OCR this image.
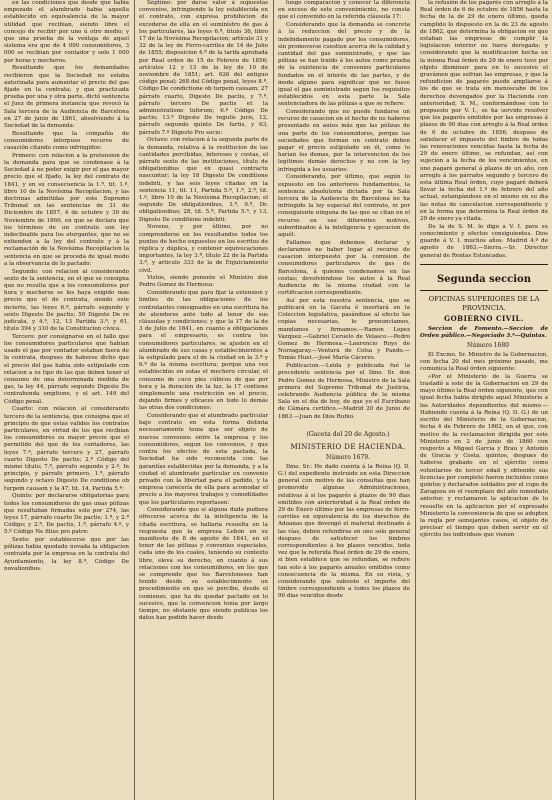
en las condiciones que desde que habia empezado el alumbrado habia aquella establecido en equivalencia de la mayor utilidad que recibian, siendo libre el concejo de recibir por uno ú otro medio; y que una prueba de la ventaja de aquel sistema era que de 4 000 consumidores, 3 000 se recibian por contador y solo 1 000 por horas y mecheros.

Resultando que los demandados recibieron que la Sociedad no estaba autorizada para aumentar el precio del gas fijado en la contrata; y que practicada prueba por una y otra parte, dictó sentencia el Juez de primera instancia que revocó la Sala tercera de la Audiencia de Barcelona en 27 de junio de 1861, absolviendo á la Sociedad de la demanda:

Resultando que la compañía de consumidores interpuso recurso de casación citando como infringidos:

Primero: con relacion a la pretension de la demanda para que se condenase á la Sociedad á no poder exigir por el gas mayor precio que el fijado, la ley del contrato de 1841, y en su consecuencia la 1.ª, tit. 1.º, libro 10 de la Novísima Recopilacion, y las doctrinas admitidas por este Supremo Tribunal en las sentencias de 31 de Diciembre de 1857, 4 de octubre y 30 de Noviembre de 1860, en que se declara que los términos de un contrato son ley indeclinable para los otorgantes, que no se extienden a la ley del contrato y á la reclamación de la Novísima Recopilacion la sentencia en que se proceda de igual modo a la observancia de lo pactado:

Segundo: con relacion al considerando sexto de la sentencia, en el que se consigna que no resulta que a los consumidores por hora y mecheros se les haya exigido mas precio que el de contrata, siendo este incierto, las leyes 6.ª, párrafo segundo y sexto Digesto De pactis; 50 Digesto De re judicata, y 4.ª, 12, 13 Partida 3.ª, y 61, título 394 y 310 de la Constitucion cívica.

Tercero: por consignarse en el fallo que los consumidores particulares que habian usado el gas por contador estaban fuera de la contrata, despues de haberse dicho que el precio del gas habia sido estipulado con relacion a su tipo de las que deben tener el consumo de una determinada medida de gas, la ley 44, párrafo segundo Digesto De contrahenda emptione, y el art. 149 del Código penal.

Cuarto: con relacion al considerando tercero de la sentencia, que consigna que el principio de que estas valides los contratos particulares, en virtud de los que recibian los consumidores su mayor precio que el permitido del que de los contadores, las leyes 7.ª, párrafo tercero y 27, párrafo cuarto Digesto De pactis; 2.ª Código del mismo título; 7.ª, párrafo segundo y 2.º, In principio, y párrafo primero, 1.ª, párrafo segundo y octavo Digesto De conditione ob turpem causam y la 47, tit. 14, Partida 5.ª:

Quinto: por declararse obligatorias para todos los consumidores de gas unas pólizas que resultaban firmadas solo por 274, las leyes 17, párrafo cuarto De pactis; 1.ª, y 2.ª Código; y 2.ª, De pactis, 1.ª, párrafo 4.º, y 5.º Código Ne filius pro patre:

Sexto: por establecerse que por las pólizas habia quedado novada la obligacion contraida por la empresa en la contrata del Ayuntamiento, la ley 8.ª, Código De novationibus.

Séptimo: por darse valor á supuestas convenios, infringiendo la ley establecida en el contrato, con expresa prohibicion de excederse de ella en el suministro de gas á los particulares, las leyes 6.ª, título 36, libro 17 de la Novísima Recopilacion; artículo 31 y 32 de la ley de Ferro-carriles de 14 de Julio de 1855; disposicion 4.ª de la tarifa aprobada por Real orden de 15 de Febrero de 1856; artículos 12 y 13 de la ley de 10 de noviembre de 1851; art. 626 del antiguo código penal; 268 del Código penal, leyes 8.ª, Código De condictione ob turpem causam; 27 párrafo cuarto, Digesto De pactis, y 7.ª, párrafo tercero De pactis et la administratione tuforum; 6.º Código De pactis; 13.ª Digesto De regulis juris, 12, párrafo segundo quinto De furtis, y 63, párrafo 7.º Digesto Pro socio:

Octavo: con relacion á la segunda parte de la demanda, relativa á la restitucion de las cantidades percibidas, intereses y costas, el párrafo sexto de las instituciones, título de obligationibus que ex quasi contractu nascuntur; la ley 18 Digesto De conditione indebiti, y las seis leyes citadas en la sentencia 11, tit. 11, Partida 5.ª, 1.ª, 2.ª, tit. 1.º, libro 10 de la Novísima Recopilacion; el segundo De obligationibus, 3.ª, 9.ª, Dr. obligationibus; 28, tit. 5.ª, Partida 5.ª, y 13, Digesto De conditione indebiti:

Noveno, y por último, por no comprenderse en los resultandos todos los puntos de hecho expuestos en los escritos de réplica y dúplica, y contener equivocaciones importantes, la ley 3.ª, título 22 de la Partida 3.ª, y articulo 333 de la de Enjuiciamiento civil.

Vistos, siendo ponente el Ministro don Pedro Gomez de Hermosa:

Considerando que para fijar la extension y limites de las obligaciones de los contratantes consignados en una escritura ha de atenderse ante todo al tenor de sus cláusulas y condiciones; y que la 17 de la de 3 de Julio de 1841, en cuanto a obligaciones para el empresario, es contra los consumidores particulares, se ajusten en el alumbrado de sus casas y establecimientos a la estipulado para el de la ciudad en la 3.ª y 6.ª de la misma escritura; porque una vez establecidos en estas el mechero circular, el consumo de cuco pies cúbicos de gas por hora y la duración de la luz, la 17 contiene simplemente una restricción en el precio, dejando firmes y eficaces en todo lo demás las otras dos condiciones:

Considerando que el alumbrado particular bajo contrato en esta forma distinta necesariamente tenia que ser objeto de nuevos convenios entre la empresa y los consumidores, segun los convenios, y que contra los efectos de esta pactada, la Sociedad ha sido reconocida con las garantías establecidas por la demanda, y a la ciudad el alumbrado particular en convenio privado con la libertad para el pedido, y la empresa carecería de ella para acomodar el precio a los mayores trabajos y comodidades que los particulares reportasen:

Considerando que si alguna duda pudiera ofrecerse acerca de la inteligencia de la citada escritura, se hallaria resuelta en la respuesta que la empresa Lebon en su manifiesto de 8 de agosto de 1841, en el tenor de las pólizas y convenios especiales, cada uno de los cuales, teniendo su contexto libre, eleva su derecho, en cuanto á sus relaciones con los consumidores, en los que se comprende que los Barceloneses han tenido desde su establecimiento un procedimiento en que se percibe, desde el comienzo, que ha de quedar pactado en lo sucesivo, que la convencion tenia por largo tiempo, no obstante que siendo publicas los datos han podido hacer desde

luego comparacion y conocer la diferencia en exceso de este convenimiento, no consta que el convenido en la referida cláusula 17:

Considerando que la demanda se concreta á la reduccion del precio y de la indebidamente pagado por los consumidores, sin promoverse cuestion acerca de la calidad y cantidad del gas suministrado, y que las pólizas se han traido á los autos como prueba de la existencia de convenios particulares fundados en el interés de las partes, y de modo alguno para significar que no fuese igual el gas suministrado segun los requisitos establecidos en esta parte la Sala sentenciadora de las pólizas a que se refiere:

Considerando que no puede fundarse un recurso de casacion en el hecho de no haberse presentado en autos más que las pólizas de una parte de los consumidores, porque las sociedades que forman un contrato deben pagar el precio estipulado en él, como lo harían los demas, por la intervencion de los legítimos demás derechos y no con la ley infringida a los usuarios:

Considerando, por último, que según lo expuesto en los anteriores fundamentos, la sentencia absolutoria dictada por la Sala tercera de la Audiencia de Barcelona no ha infringido la ley especial del contrato, ni por consiguiente ninguna de las que se citan en el recurso en sus diferentes motivos, subordinados á la inteligencia y ejecucion de aquél:

Fallamos que debemos declarar y declaramos no haber lugar al recurso de casacion interpuesto por la comision de consumidores particulares de gas de Barcelona, á quienes condenamos en las costas; devolviéndose los autos á la Real Audiencia de la misma ciudad con la certificacion correspondiente.

Así por esta nuestra sentencia, que se publicará en la Gaceta é insertará en la Coleccion legislativa, pasándose al efecto las copias necesarias, lo pronunciamos, mandamos y firmamos.—Ramon Lopez Vazquez.—Gabriel Ceruelo de Velasco.—Pedro Gomez de Hermosa.—Laurencio Roys de Norzagaray.—Ventura de Colsa y Pando.—Tomás Huet.—José María Cáceres.

Publicacion.—Leida y publicada fué la precedente sentencia por el Ilmo. Sr. don Pedro Gomez de Hermosa, Ministro de la Sala primera del Supremo Tribunal de Justicia, celebrando Audiencia pública de la misma Sala en el día de hoy, de que yo el Escribano de Cámara certifico.—Madrid 20 de Junio de 1863.—Juan de Dios Rubio.

(Gaceta del 20 de Agosto.)

MINISTERIO DE HACIENDA.

Número 1679.

Ilmo. Sr.: He dado cuenta á la Reina (Q. D. G.) del expediente instruido en esta Direccion general con motivo de las consultas que han promovido algunas Administraciones, relativas á si los pagarés á plazos de 90 dias emitidos con anterioridad á la Real órden de 29 de Enero último por las empresas de ferro-carriles en equivalencia de los derechos de Aduanas que devengó el material destinado á las vías, deben refundirse en uno solo general despues de satisfecer los timbres correspondientes á los plazos vencidos, toda vez que la referida Real órden de 29 de enero, si bien establece que se refundan, se refiere tan solo á los pagarés anuales emitidos como consecuencia de la misma. En su vista, y considerando que subsiste el importe del timbre correspondiente a todos los plazos de 90 dias vencidos desde

la refusión de los pagarés con arreglo á la Real órden de 6 de octubre de 1856 hasta la fecha de la de 29 de enero último, queda cumplido lo dispuesto en la de 23 de agosto de 1862, que determina la obligacion en que estaban las empresas de cumplir la legislacion interior no fuera derogada; y considerando que la modificacion hecha en la misma Real órden de 29 de enero tuvo por objeto disminuir para en lo sucesivo el gravámen que sufrian las empresas, y que la refundicion de pagarés puede ampliarse á los de que se trata sin menoscabo de los derechos devengados por la Hacienda con anterioridad, S. M., conformándose con lo propuesto por V. I., se ha servido resolver que los pagarés emitidos por las empresas á plazos de 90 dias con arreglo á la Real órden de 6 de octubre de 1856, despues de satisfacer el impuesto del timbre de todas las renovaciones vencidas hasta la fecha de 29 de enero último, se refundan, así con sujecion a la fecha de los vencimientos, en uno pagaré general á plazos de un año, con arreglo á los párrafos segundo y tercero de esta última Real órden, cuyo pagaré deberá llevar la fecha del 1.º de febrero del año actual, estampándose en el mismo en su dia las notas de cancelacion correspondiente y en la forma que determina la Real órden de 29 de enero ya citada.

De la de S. M. lo digo a V. I. para su conocimiento y efectos consiguientes. Dios guarde á V. I. muchos años. Madrid 4.º de agosto de 1863.—Sierra.—Sr. Director general de Rentas Estancadas.

Segunda seccion
OFICINAS SUPERIORES DE LA PROVINCIA.
GOBIERNO CIVIL.

Seccion de Fomento.—Seccion de Orden público.—Negociado 3.ª—Quintas.

Número 1680

El Excmo. Sr. Ministro de la Gobernacion, con fecha 20 del mes próximo pasado, me comunica la Real órden siguiente:

«Por el Ministerio de la Guerra se trasladó a este de la Gobernacion en 29 de mayo último la Real órden siguiente, que con igual fecha habia dirigido aquel Ministerio a las Autoridades dependientes del mismo.—Habiendo cuenta á la Reina (Q. D. G.) de un escrito del Ministerio de la Gobernacion, fecha 4 de Febrero de 1862, en el que, con motivo de la reclamacion dirigida por este Ministerio en 2 de junio de 1860 con respecto a Miguel Garcia y Brau y Antonio de Gracia y Costa, quintos, despues de haberse grabado en el ejército como voluntarios de tercer edad y obtenido sus licencias por completo fueron incluidos como quintos y declarados soldados por el cupo de Zaragoza en el reemplazo del año inmediato anterior, y reclamaron la aplicacion de lo resuelto en la aplicacion por el expresado Ministerio la conveniencia de que se adopten la regla por semejantes casos, el objeto de precisar el tiempo que deben servir en el ejército los individuos que vienen
